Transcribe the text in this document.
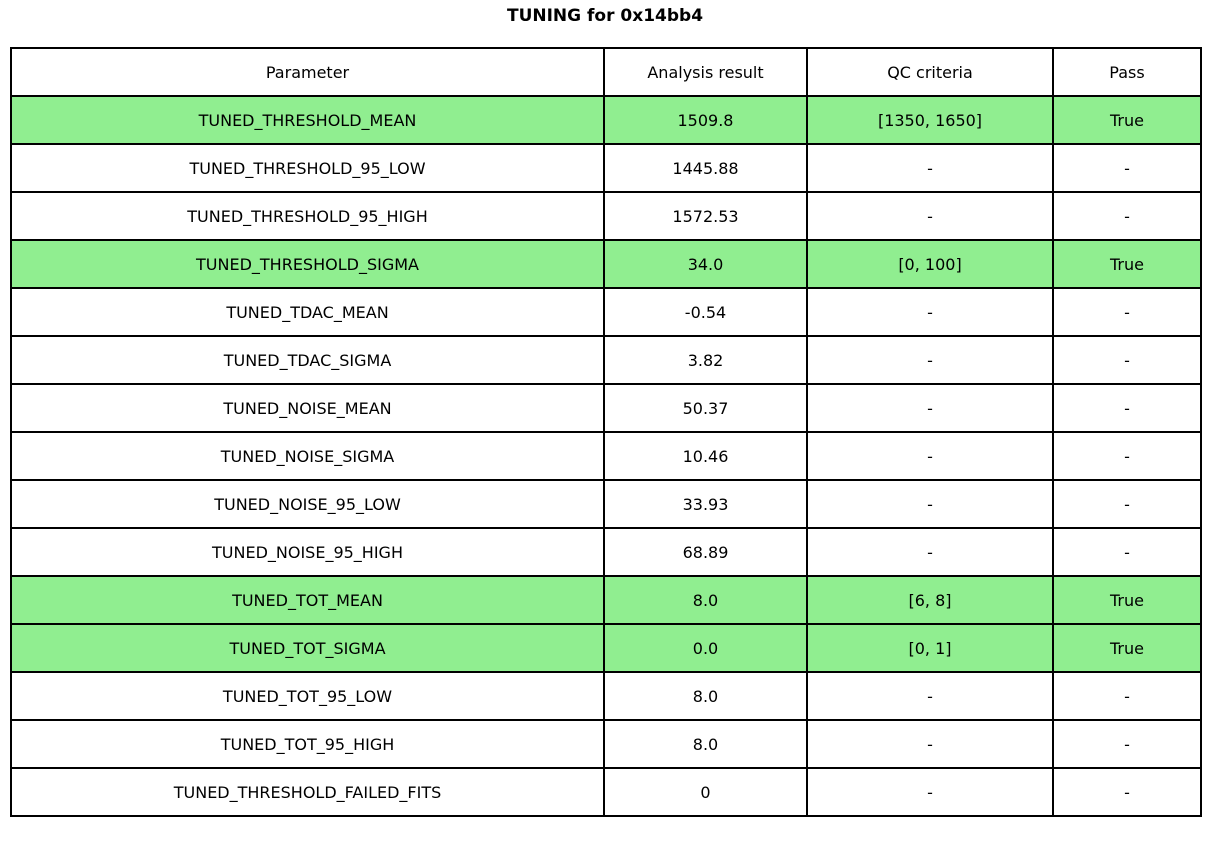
TUNING for 0x14bb4
Parameter	Analysis result	QC criteria	Pass
TUNED_THRESHOLD_MEAN	1509.8	[1350, 1650]	True
TUNED_THRESHOLD_95_LOW	1445.88	-	-
TUNED_THRESHOLD_95_HIGH	1572.53	-	-
TUNED_THRESHOLD_SIGMA	34.0	[0, 100]	True
TUNED_TDAC_MEAN	-0.54	-	-
TUNED_TDAC_SIGMA	3.82	-	-
TUNED_NOISE_MEAN	50.37	-	-
TUNED_NOISE_SIGMA	10.46	-	-
TUNED_NOISE_95_LOW	33.93	-	-
TUNED_NOISE_95_HIGH	68.89	-	-
TUNED_TOT_MEAN	8.0	[6, 8]	True
TUNED_TOT_SIGMA	0.0	[0, 1]	True
TUNED_TOT_95_LOW	8.0	-	-
TUNED_TOT_95_HIGH	8.0	-	-
TUNED_THRESHOLD_FAILED_FITS	0	-	-
